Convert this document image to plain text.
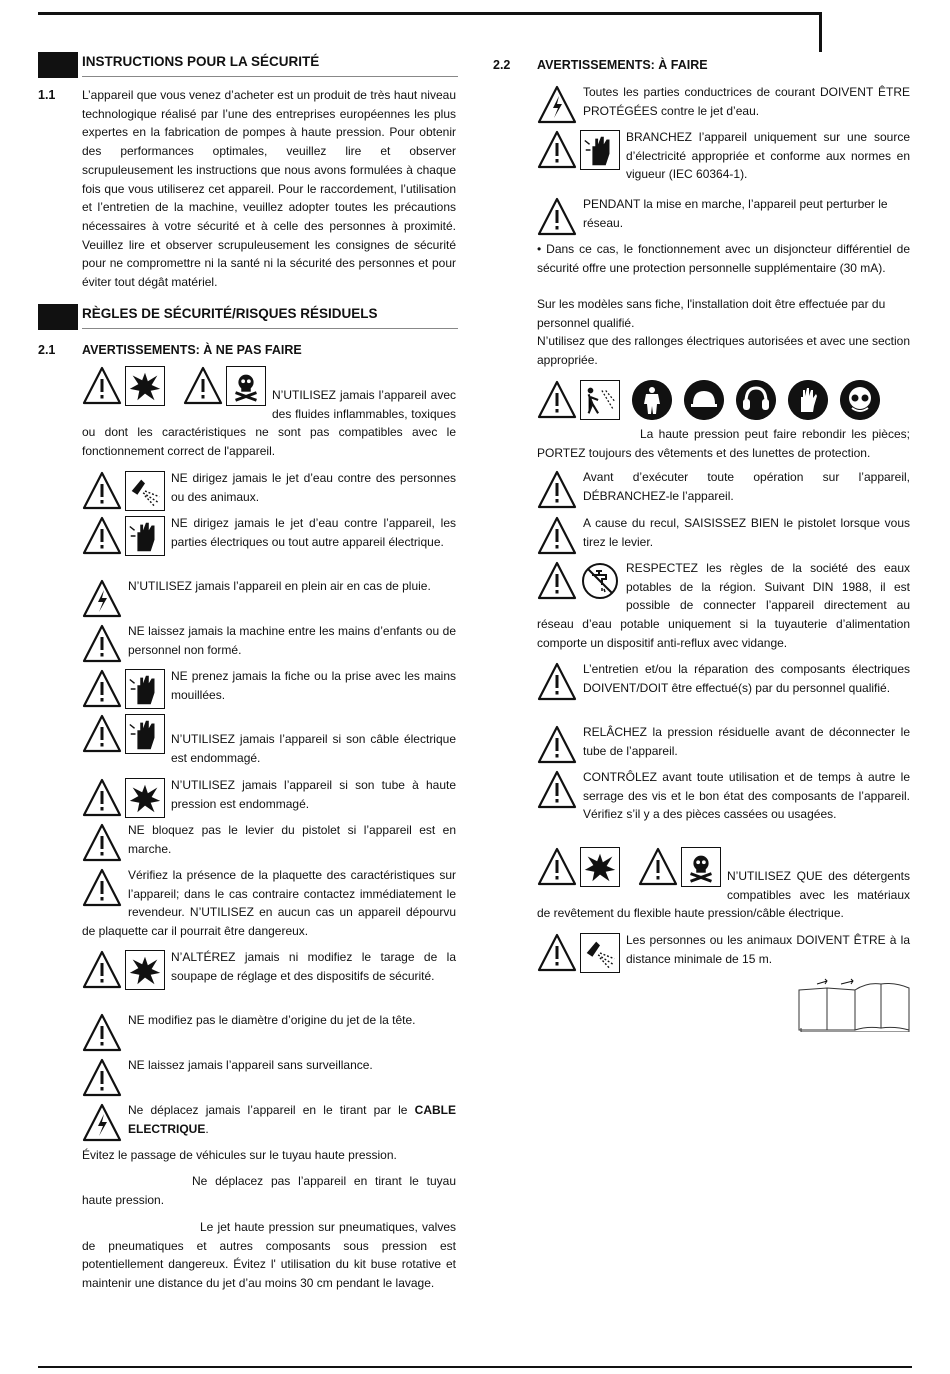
INSTRUCTIONS POUR LA SÉCURITÉ
1.1 L’appareil que vous venez d’acheter est un produit de très haut niveau technologique réalisé par l’une des entreprises européennes les plus expertes en la fabrication de pompes à haute pression. Pour obtenir des performances optimales, veuillez lire et observer scrupuleusement les instructions que nous avons formulées à chaque fois que vous utiliserez cet appareil. Pour le raccordement, l’utilisation et l’entretien de la machine, veuillez adopter toutes les précautions nécessaires à votre sécurité et à celle des personnes à proximité. Veuillez lire et observer scrupuleusement les consignes de sécurité pour ne compromettre ni la santé ni la sécurité des personnes et pour éviter tout dégât matériel.
RÈGLES DE SÉCURITÉ/RISQUES RÉSIDUELS
2.1 AVERTISSEMENTS: À NE PAS FAIRE
N’UTILISEZ jamais l’appareil avec des fluides inflammables, toxiques ou dont les caractéristiques ne sont pas compatibles avec le fonctionnement correct de l'appareil.
NE dirigez jamais le jet d’eau contre des personnes ou des animaux.
NE dirigez jamais le jet d’eau contre l’appareil, les parties électriques ou tout autre appareil électrique.
N’UTILISEZ jamais l’appareil en plein air en cas de pluie.
NE laissez jamais la machine entre les mains d’enfants ou de personnel non formé.
NE prenez jamais la fiche ou la prise avec les mains mouillées.
N’UTILISEZ jamais l’appareil si son câble électrique est endommagé.
N’UTILISEZ jamais l’appareil si son tube à haute pression est endommagé.
NE bloquez pas le levier du pistolet si l’appareil est en marche.
Vérifiez la présence de la plaquette des caractéristiques sur l’appareil; dans le cas contraire contactez immédiatement le revendeur. N’UTILISEZ en aucun cas un appareil dépourvu de plaquette car il pourrait être dangereux.
N’ALTÉREZ jamais ni modifiez le tarage de la soupape de réglage et des dispositifs de sécurité.
NE modifiez pas le diamètre d’origine du jet de la tête.
NE laissez jamais l’appareil sans surveillance.
Ne déplacez jamais l’appareil en le tirant par le CABLE ELECTRIQUE.
Évitez le passage de véhicules sur le tuyau haute pression.
Ne déplacez pas l’appareil en tirant le tuyau haute pression.
Le jet haute pression sur pneumatiques, valves de pneumatiques et autres composants sous pression est potentiellement dangereux. Évitez l' utilisation du kit buse rotative et maintenir une distance du jet d’au moins 30 cm pendant le lavage.
2.2 AVERTISSEMENTS: À FAIRE
Toutes les parties conductrices de courant DOIVENT ÊTRE PROTÉGÉES contre le jet d’eau.
BRANCHEZ l’appareil uniquement sur une source d’électricité appropriée et conforme aux normes en vigueur (IEC 60364-1).
PENDANT la mise en marche, l’appareil peut perturber le réseau.
• Dans ce cas, le fonctionnement avec un disjoncteur différentiel de sécurité offre une protection personnelle supplémentaire (30 mA).
Sur les modèles sans fiche, l'installation doit être effectuée par du personnel qualifié.
N’utilisez que des rallonges électriques autorisées et avec une section appropriée.
La haute pression peut faire rebondir les pièces; PORTEZ toujours des vêtements et des lunettes de protection.
Avant d’exécuter toute opération sur l’appareil, DÉBRANCHEZ-le l’appareil.
A cause du recul, SAISISSEZ BIEN le pistolet lorsque vous tirez le levier.
RESPECTEZ les règles de la société des eaux potables de la région. Suivant DIN 1988, il est possible de connecter l’appareil directement au réseau d’eau potable uniquement si la tuyauterie d’alimentation comporte un dispositif anti-reflux avec vidange.
L’entretien et/ou la réparation des composants électriques DOIVENT/DOIT être effectué(s) par du personnel qualifié.
RELÂCHEZ la pression résiduelle avant de déconnecter le tube de l’appareil.
CONTRÔLEZ avant toute utilisation et de temps à autre le serrage des vis et le bon état des composants de l’appareil. Vérifiez s’il y a des pièces cassées ou usagées.
N’UTILISEZ QUE des détergents compatibles avec les matériaux de revêtement du flexible haute pression/câble électrique.
Les personnes ou les animaux DOIVENT ÊTRE à la distance minimale de 15 m.
